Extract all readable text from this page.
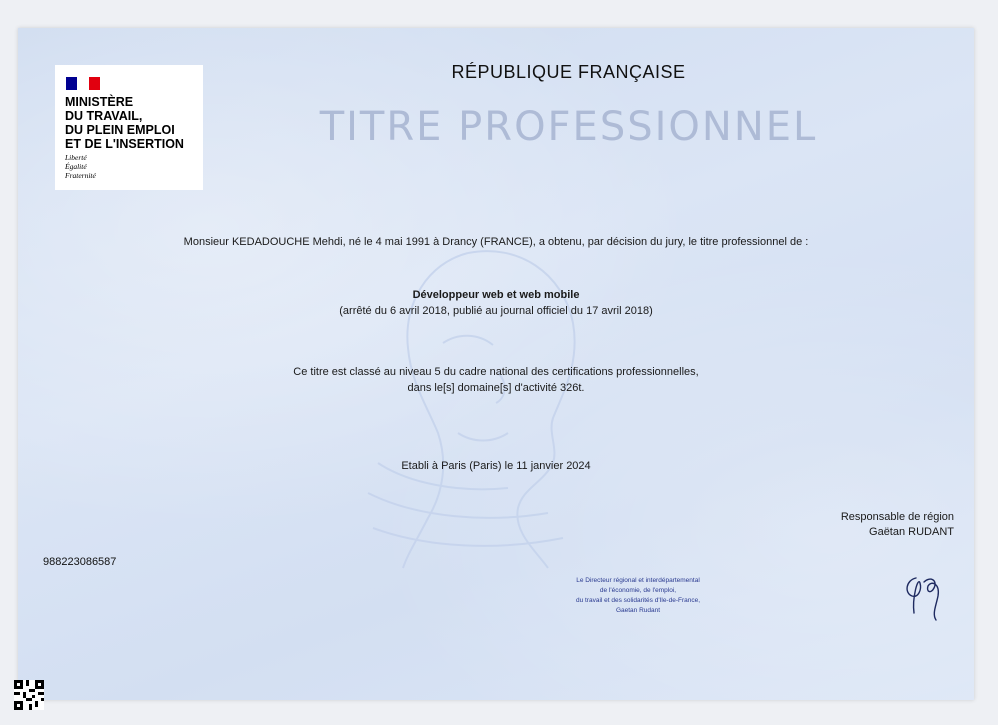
MINISTÈRE
DU TRAVAIL,
DU PLEIN EMPLOI
ET DE L'INSERTION
Liberté
Égalité
Fraternité
RÉPUBLIQUE FRANÇAISE
TITRE PROFESSIONNEL
Monsieur KEDADOUCHE Mehdi, né le 4 mai 1991 à Drancy (FRANCE), a obtenu, par décision du jury, le titre professionnel de :
Développeur web et web mobile
(arrêté du 6 avril 2018, publié au journal officiel du 17 avril 2018)
Ce titre est classé au niveau 5 du cadre national des certifications professionnelles,
dans le[s] domaine[s] d'activité 326t.
Etabli à Paris (Paris) le 11 janvier 2024
Responsable de région
Gaëtan RUDANT
988223086587
Le Directeur régional et interdépartemental
de l'économie, de l'emploi,
du travail et des solidarités d'Ile-de-France,
Gaetan Rudant
